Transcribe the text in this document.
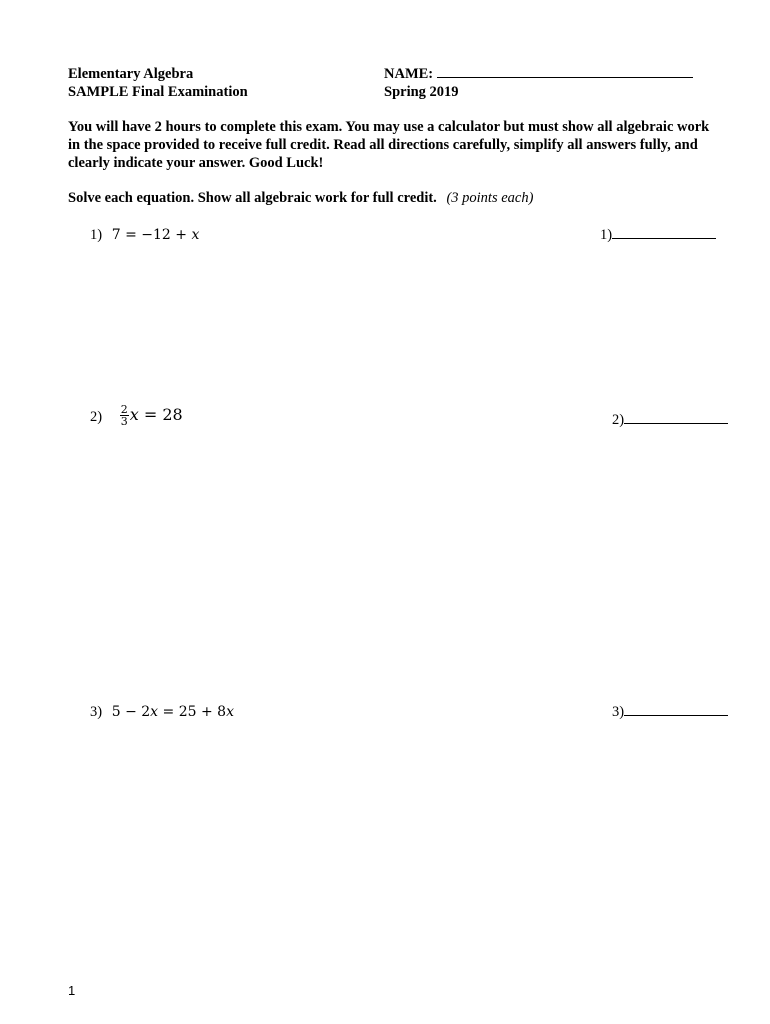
Elementary Algebra
SAMPLE Final Examination
NAME:
Spring 2019
You will have 2 hours to complete this exam. You may use a calculator but must show all algebraic work in the space provided to receive full credit. Read all directions carefully, simplify all answers fully, and clearly indicate your answer. Good Luck!
Solve each equation. Show all algebraic work for full credit. (3 points each)
1) 7 = −12 + x	1)
$2) \frac{2}{3}$ x = 28	2)
3) 5 − 2x = 25 + 8x	3)
1
